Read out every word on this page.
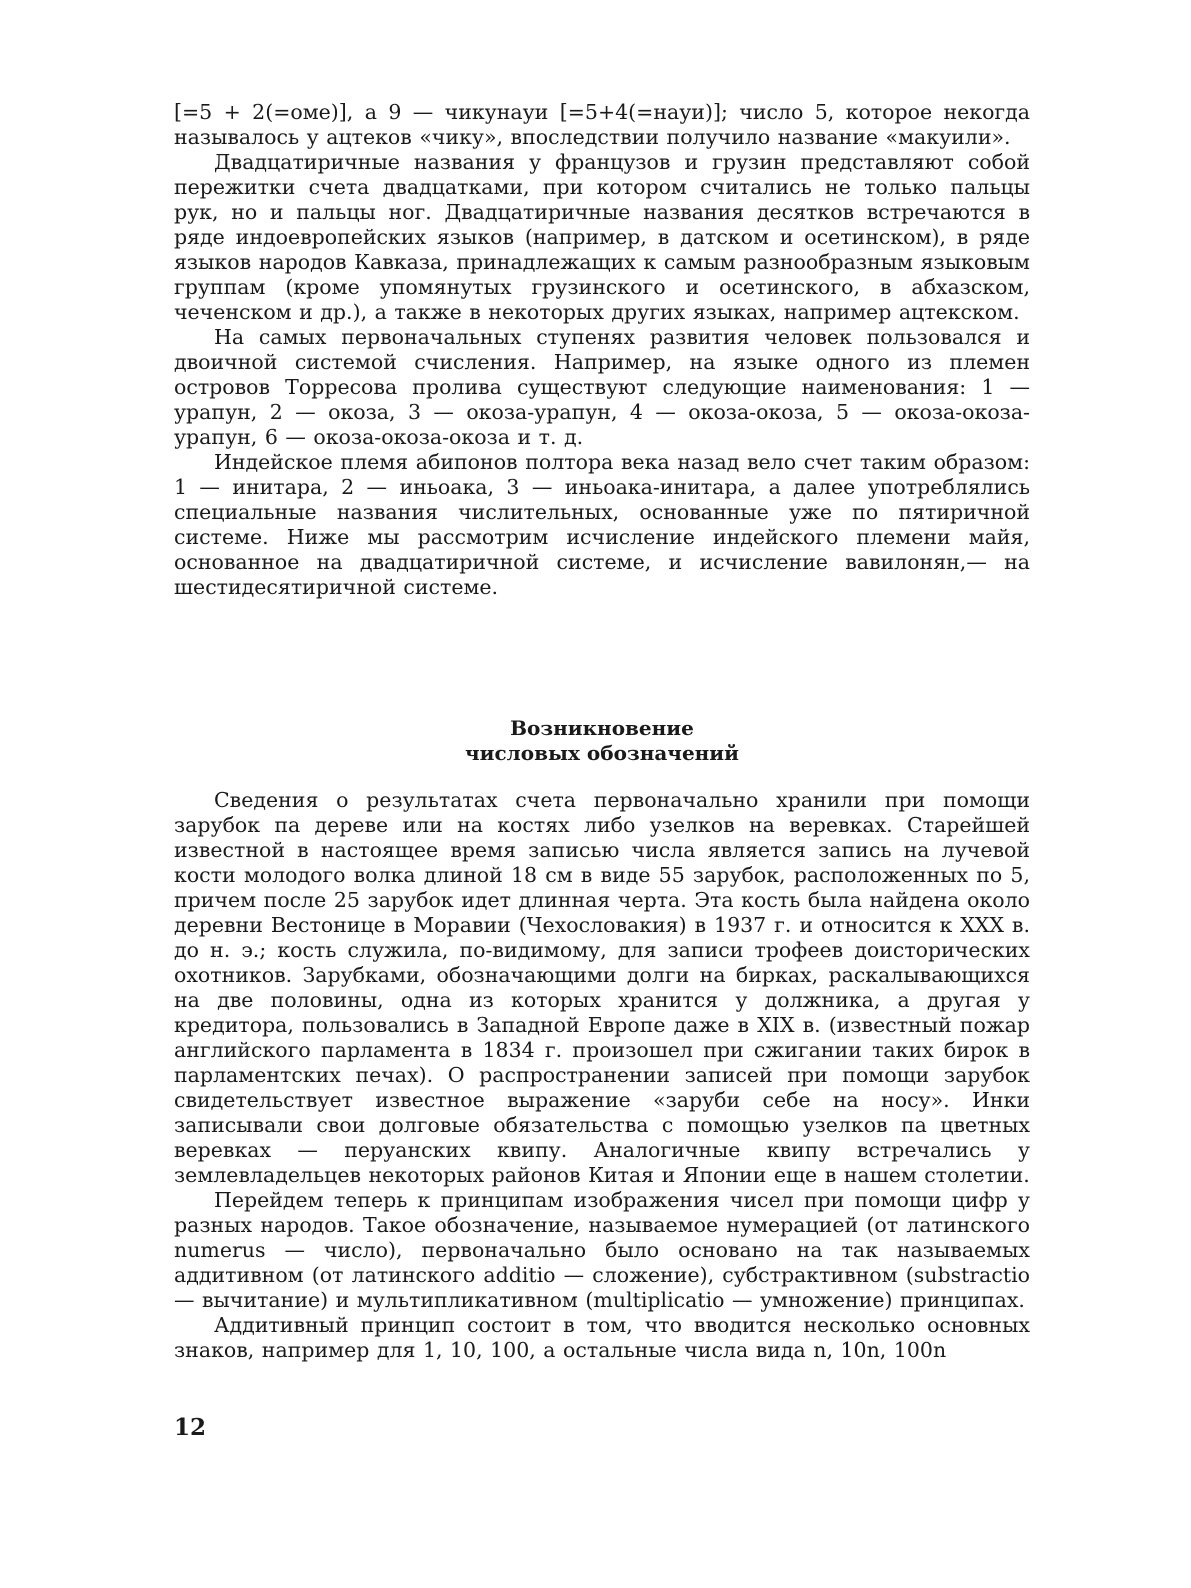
[=5 + 2(=оме)], а 9 — чикунауи [=5+4(=науи)]; число 5, которое некогда называлось у ацтеков «чику», впоследствии получило название «макуили».

Двадцатиричные названия у французов и грузин представляют собой пережитки счета двадцатками, при котором считались не только пальцы рук, но и пальцы ног. Двадцатиричные названия десятков встречаются в ряде индоевропейских языков (например, в датском и осетинском), в ряде языков народов Кавказа, принадлежащих к самым разнообразным языковым группам (кроме упомянутых грузинского и осетинского, в абхазском, чеченском и др.), а также в некоторых других языках, например ацтекском.

На самых первоначальных ступенях развития человек пользовался и двоичной системой счисления. Например, на языке одного из племен островов Торресова пролива существуют следующие наименования: 1 — урапун, 2 — окоза, 3 — окоза-урапун, 4 — окоза-окоза, 5 — окоза-окоза-урапун, 6 — окоза-окоза-окоза и т. д.

Индейское племя абипонов полтора века назад вело счет таким образом: 1 — инитара, 2 — иньоака, 3 — иньоака-инитара, а далее употреблялись специальные названия числительных, основанные уже по пятиричной системе. Ниже мы рассмотрим исчисление индейского племени майя, основанное на двадцатиричной системе, и исчисление вавилонян,— на шестидесятиричной системе.

Возникновение

числовых обозначений

Сведения о результатах счета первоначально хранили при помощи зарубок па дереве или на костях либо узелков на веревках. Старейшей известной в настоящее время записью числа является запись на лучевой кости молодого волка длиной 18 см в виде 55 зарубок, расположенных по 5, причем после 25 зарубок идет длинная черта. Эта кость была найдена около деревни Вестонице в Моравии (Чехословакия) в 1937 г. и относится к XXX в. до н. э.; кость служила, по-видимому, для записи трофеев доисторических охотников. Зарубками, обозначающими долги на бирках, раскалывающихся на две половины, одна из которых хранится у должника, а другая у кредитора, пользовались в Западной Европе даже в XIX в. (известный пожар английского парламента в 1834 г. произошел при сжигании таких бирок в парламентских печах). О распространении записей при помощи зарубок свидетельствует известное выражение «заруби себе на носу». Инки записывали свои долговые обязательства с помощью узелков па цветных веревках — перуанских квипу. Аналогичные квипу встречались у землевладельцев некоторых районов Китая и Японии еще в нашем столетии.

Перейдем теперь к принципам изображения чисел при помощи цифр у разных народов. Такое обозначение, называемое нумерацией (от латинского numerus — число), первоначально было основано на так называемых аддитивном (от латинского additio — сложение), субстрактивном (substractio — вычитание) и мультипликативном (multiplicatio — умножение) принципах.

Аддитивный принцип состоит в том, что вводится несколько основных знаков, например для 1, 10, 100, а остальные числа вида n, 10n, 100n

12
